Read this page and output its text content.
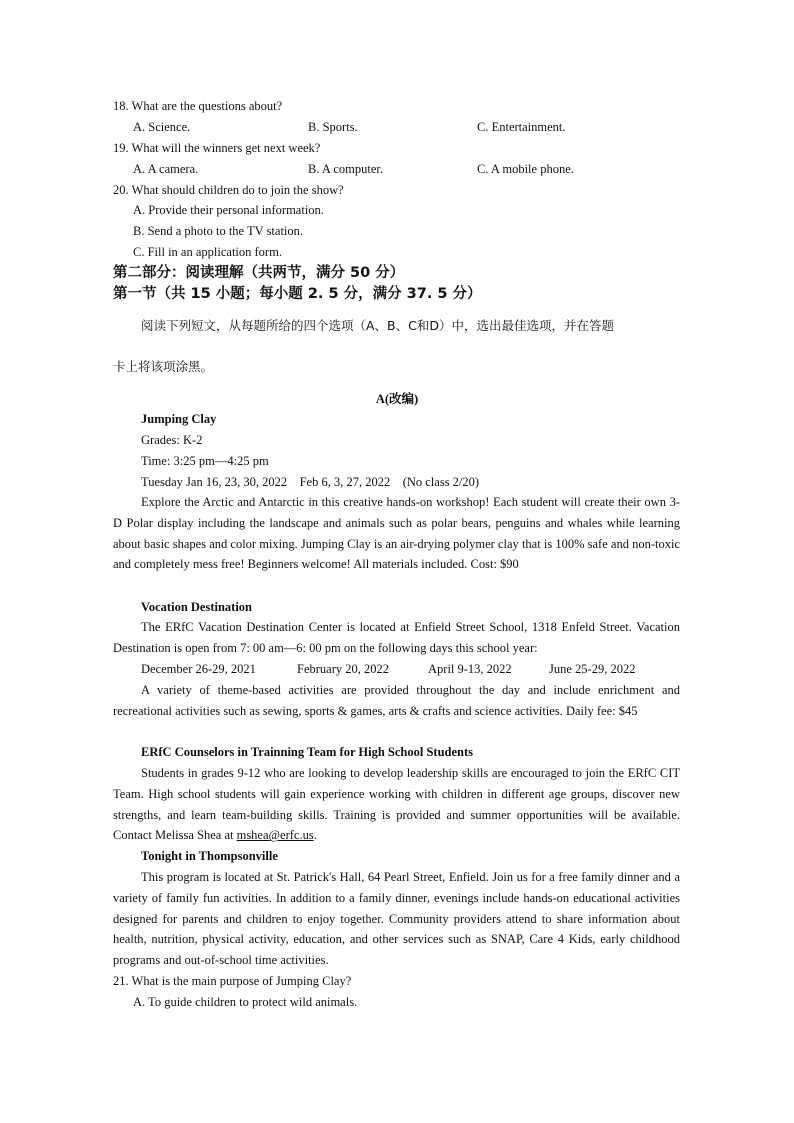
18. What are the questions about?
A. Science.	B. Sports.	C. Entertainment.
19. What will the winners get next week?
A. A camera.	B. A computer.	C. A mobile phone.
20. What should children do to join the show?
A. Provide their personal information.
B. Send a photo to the TV station.
C. Fill in an application form.
第二部分：阅读理解（共两节，满分 50 分）
第一节（共 15 小题；每小题 2. 5 分，满分 37. 5 分）
阅读下列短文，从每题所给的四个选项（A、B、C和D）中，选出最佳选项，并在答题
卡上将该项涂黑。
A(改编)
Jumping Clay
Grades: K-2
Time: 3:25 pm—4:25 pm
Tuesday Jan 16, 23, 30, 2022    Feb 6, 3, 27, 2022    (No class 2/20)
Explore the Arctic and Antarctic in this creative hands-on workshop! Each student will create their own 3-D Polar display including the landscape and animals such as polar bears, penguins and whales while learning about basic shapes and color mixing. Jumping Clay is an air-drying polymer clay that is 100% safe and non-toxic and completely mess free! Beginners welcome! All materials included. Cost: $90
Vocation Destination
The ERfC Vacation Destination Center is located at Enfield Street School, 1318 Enfeld Street. Vacation Destination is open from 7: 00 am—6: 00 pm on the following days this school year:
December 26-29, 2021	February 20, 2022	April 9-13, 2022	June 25-29, 2022
A variety of theme-based activities are provided throughout the day and include enrichment and recreational activities such as sewing, sports & games, arts & crafts and science activities. Daily fee: $45
ERfC Counselors in Trainning Team for High School Students
Students in grades 9-12 who are looking to develop leadership skills are encouraged to join the ERfC CIT Team. High school students will gain experience working with children in different age groups, discover new strengths, and learn team-building skills. Training is provided and summer opportunities will be available. Contact Melissa Shea at mshea@erfc.us.
Tonight in Thompsonville
This program is located at St. Patrick's Hall, 64 Pearl Street, Enfield. Join us for a free family dinner and a variety of family fun activities. In addition to a family dinner, evenings include hands-on educational activities designed for parents and children to enjoy together. Community providers attend to share information about health, nutrition, physical activity, education, and other services such as SNAP, Care 4 Kids, early childhood programs and out-of-school time activities.
21. What is the main purpose of Jumping Clay?
A. To guide children to protect wild animals.
